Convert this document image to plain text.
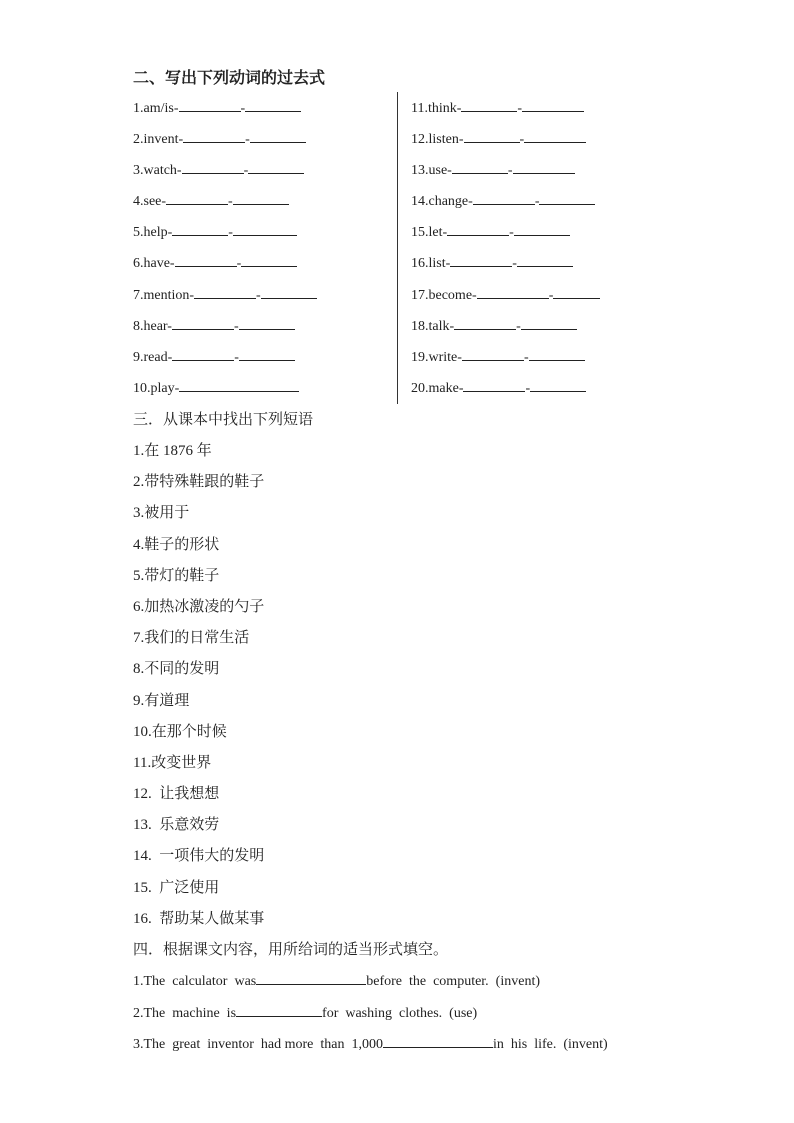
二、写出下列动词的过去式
1.am/is-	-
2.invent-	-
3.watch-	-
4.see-	-
5.help-	-
6.have-	-
7.mention-	-
8.hear-	-
9.read-	-
10.play-
11.think-	-
12.listen-	-
13.use-	-
14.change-	-
15.let-	-
16.list-	-
17.become-	-
18.talk-	-
19.write-	-
20.make-	-
三．从课本中找出下列短语
1.在 1876 年
2.带特殊鞋跟的鞋子
3.被用于
4.鞋子的形状
5.带灯的鞋子
6.加热冰激凌的勺子
7.我们的日常生活
8.不同的发明
9.有道理
10.在那个时候
11.改变世界
12.  让我想想
13.  乐意效劳
14.  一项伟大的发明
15.  广泛使用
16.  帮助某人做某事
四．根据课文内容，用所给词的适当形式填空。
1.The  calculator  was	before  the  computer.  (invent)
2.The  machine  is	for  washing  clothes.  (use)
3.The  great  inventor  had more  than  1,000	in  his  life.  (invent)
